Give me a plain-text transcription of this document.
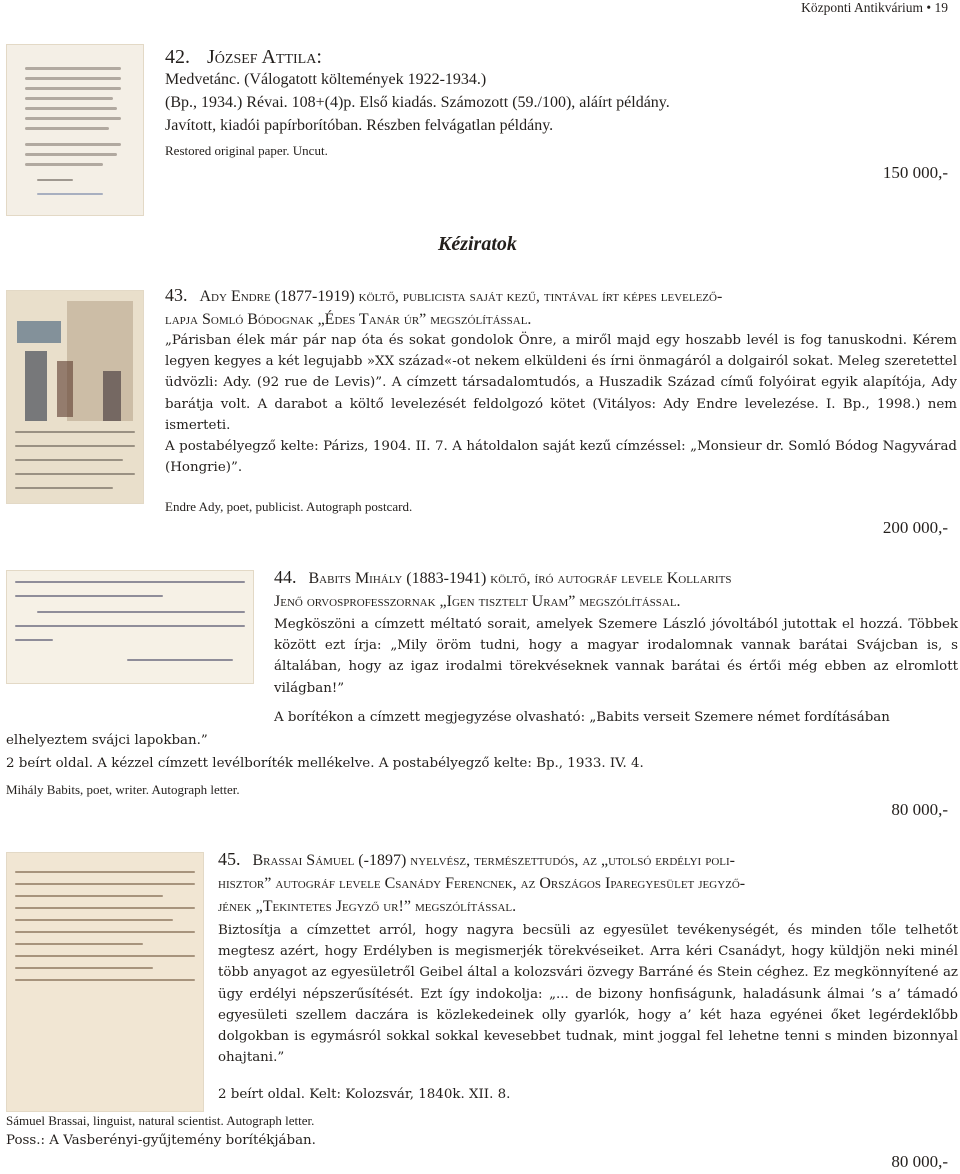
Központi Antikvárium • 19
42. József Attila:
Medvetánc. (Válogatott költemények 1922-1934.)
(Bp., 1934.) Révai. 108+(4)p. Első kiadás. Számozott (59./100), aláírt példány.
Javított, kiadói papírborítóban. Részben felvágatlan példány.
Restored original paper. Uncut.
150 000,-
Kéziratok
43. Ady Endre (1877-1919) költő, publicista saját kezű, tintával írt képes levelező-
lapja Somló Bódognak „Édes Tanár úr” megszólítással.

„Párisban élek már pár nap óta és sokat gondolok Önre, a miről majd egy hoszabb levél is fog tanuskodni. Kérem legyen kegyes a két legujabb »XX század«-ot nekem elküldeni és írni önmagáról a dolgairól sokat. Meleg szeretettel üdvözli: Ady. (92 rue de Levis)”. A címzett társadalomtudós, a Huszadik Század című folyóirat egyik alapítója, Ady barátja volt. A darabot a költő levelezését feldolgozó kötet (Vitályos: Ady Endre levelezése. I. Bp., 1998.) nem ismerteti.

A postabélyegző kelte: Párizs, 1904. II. 7. A hátoldalon saját kezű címzéssel: „Monsieur dr. Somló Bódog Nagyvárad (Hongrie)”.

Endre Ady, poet, publicist. Autograph postcard.
200 000,-
44. Babits Mihály (1883-1941) költő, író autográf levele Kollarits
Jenő orvosprofesszornak „Igen tisztelt Uram” megszólítással.
Megköszöni a címzett méltató sorait, amelyek Szemere László jóvoltából jutottak el hozzá. Többek között ezt írja: „Mily öröm tudni, hogy a magyar irodalomnak vannak barátai Svájcban is, s általában, hogy az igaz irodalmi törekvéseknek vannak barátai és értői még ebben az elromlott világban!”
A borítékon a címzett megjegyzése olvasható: „Babits verseit Szemere német fordításában
elhelyeztem svájci lapokban.”
2 beírt oldal. A kézzel címzett levélboríték mellékelve. A postabélyegző kelte: Bp., 1933. IV. 4.
Mihály Babits, poet, writer. Autograph letter.
80 000,-
45. Brassai Sámuel (-1897) nyelvész, természettudós, az „utolsó erdélyi poli-
hisztor” autográf levele Csanády Ferencnek, az Országos Iparegyesület jegyző-
jének „Tekintetes Jegyző ur!” megszólítással.
Biztosítja a címzettet arról, hogy nagyra becsüli az egyesület tevékenységét, és minden tőle telhetőt megtesz azért, hogy Erdélyben is megismerjék törekvéseiket. Arra kéri Csanádyt, hogy küldjön neki minél több anyagot az egyesületről Geibel által a kolozsvári özvegy Barráné és Stein céghez. Ez megkönnyítené az ügy erdélyi népszerűsítését. Ezt így indokolja: „... de bizony honfiságunk, haladásunk álmai ’s a’ támadó egyesületi szellem daczára is közlekedeinek olly gyarlók, hogy a’ két haza egyénei őket legérdeklőbb dolgokban is egymásról sokkal sokkal kevesebbet tudnak, mint joggal fel lehetne tenni s minden bizonnyal ohajtani.”
2 beírt oldal. Kelt: Kolozsvár, 1840k. XII. 8.
Sámuel Brassai, linguist, natural scientist. Autograph letter.
Poss.: A Vasberényi-gyűjtemény borítékjában.
80 000,-
